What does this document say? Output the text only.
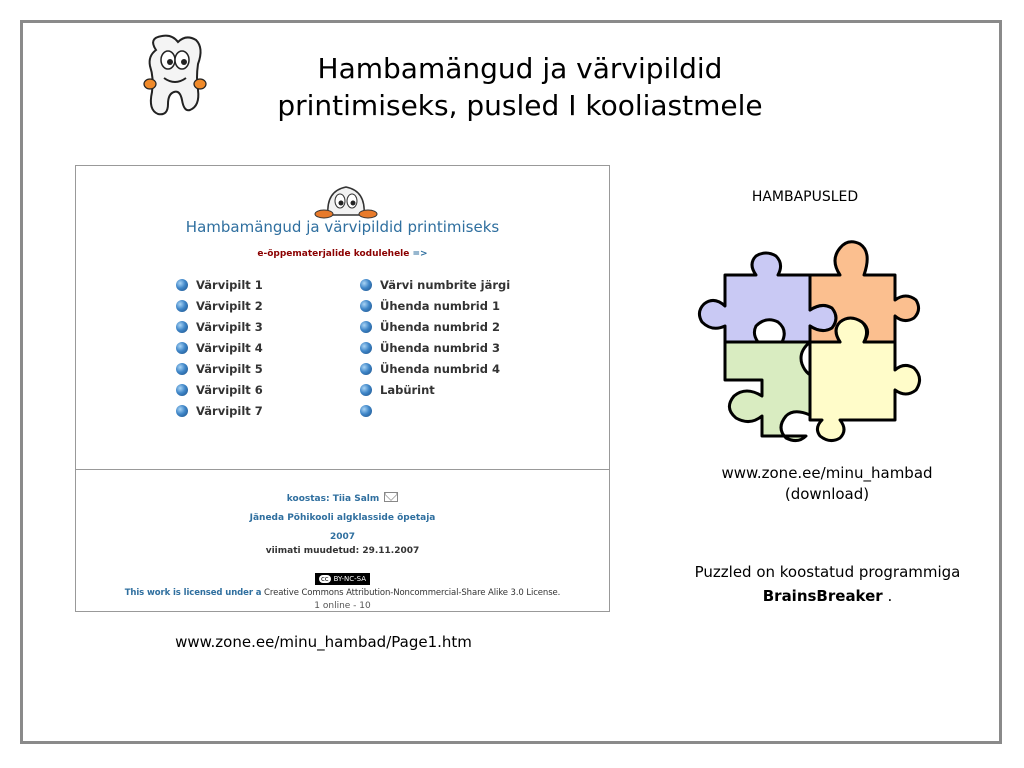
Hambamängud ja värvipildid
printimiseks, pusled I kooliastmele
Hambamängud ja värvipildid printimiseks
e-õppematerjalide kodulehele =>
Värvipilt 1
Värvipilt 2
Värvipilt 3
Värvipilt 4
Värvipilt 5
Värvipilt 6
Värvipilt 7
Värvi numbrite järgi
Ühenda numbrid 1
Ühenda numbrid 2
Ühenda numbrid 3
Ühenda numbrid 4
Labürint
koostas: Tiia Salm
Jäneda Põhikooli algklasside õpetaja
2007
viimati muudetud: 29.11.2007
cc BY-NC-SA
This work is licensed under a Creative Commons Attribution-Noncommercial-Share Alike 3.0 License.
1 online - 10
www.zone.ee/minu_hambad/Page1.htm
HAMBAPUSLED
www.zone.ee/minu_hambad
(download)
Puzzled on koostatud programmiga
BrainsBreaker .
